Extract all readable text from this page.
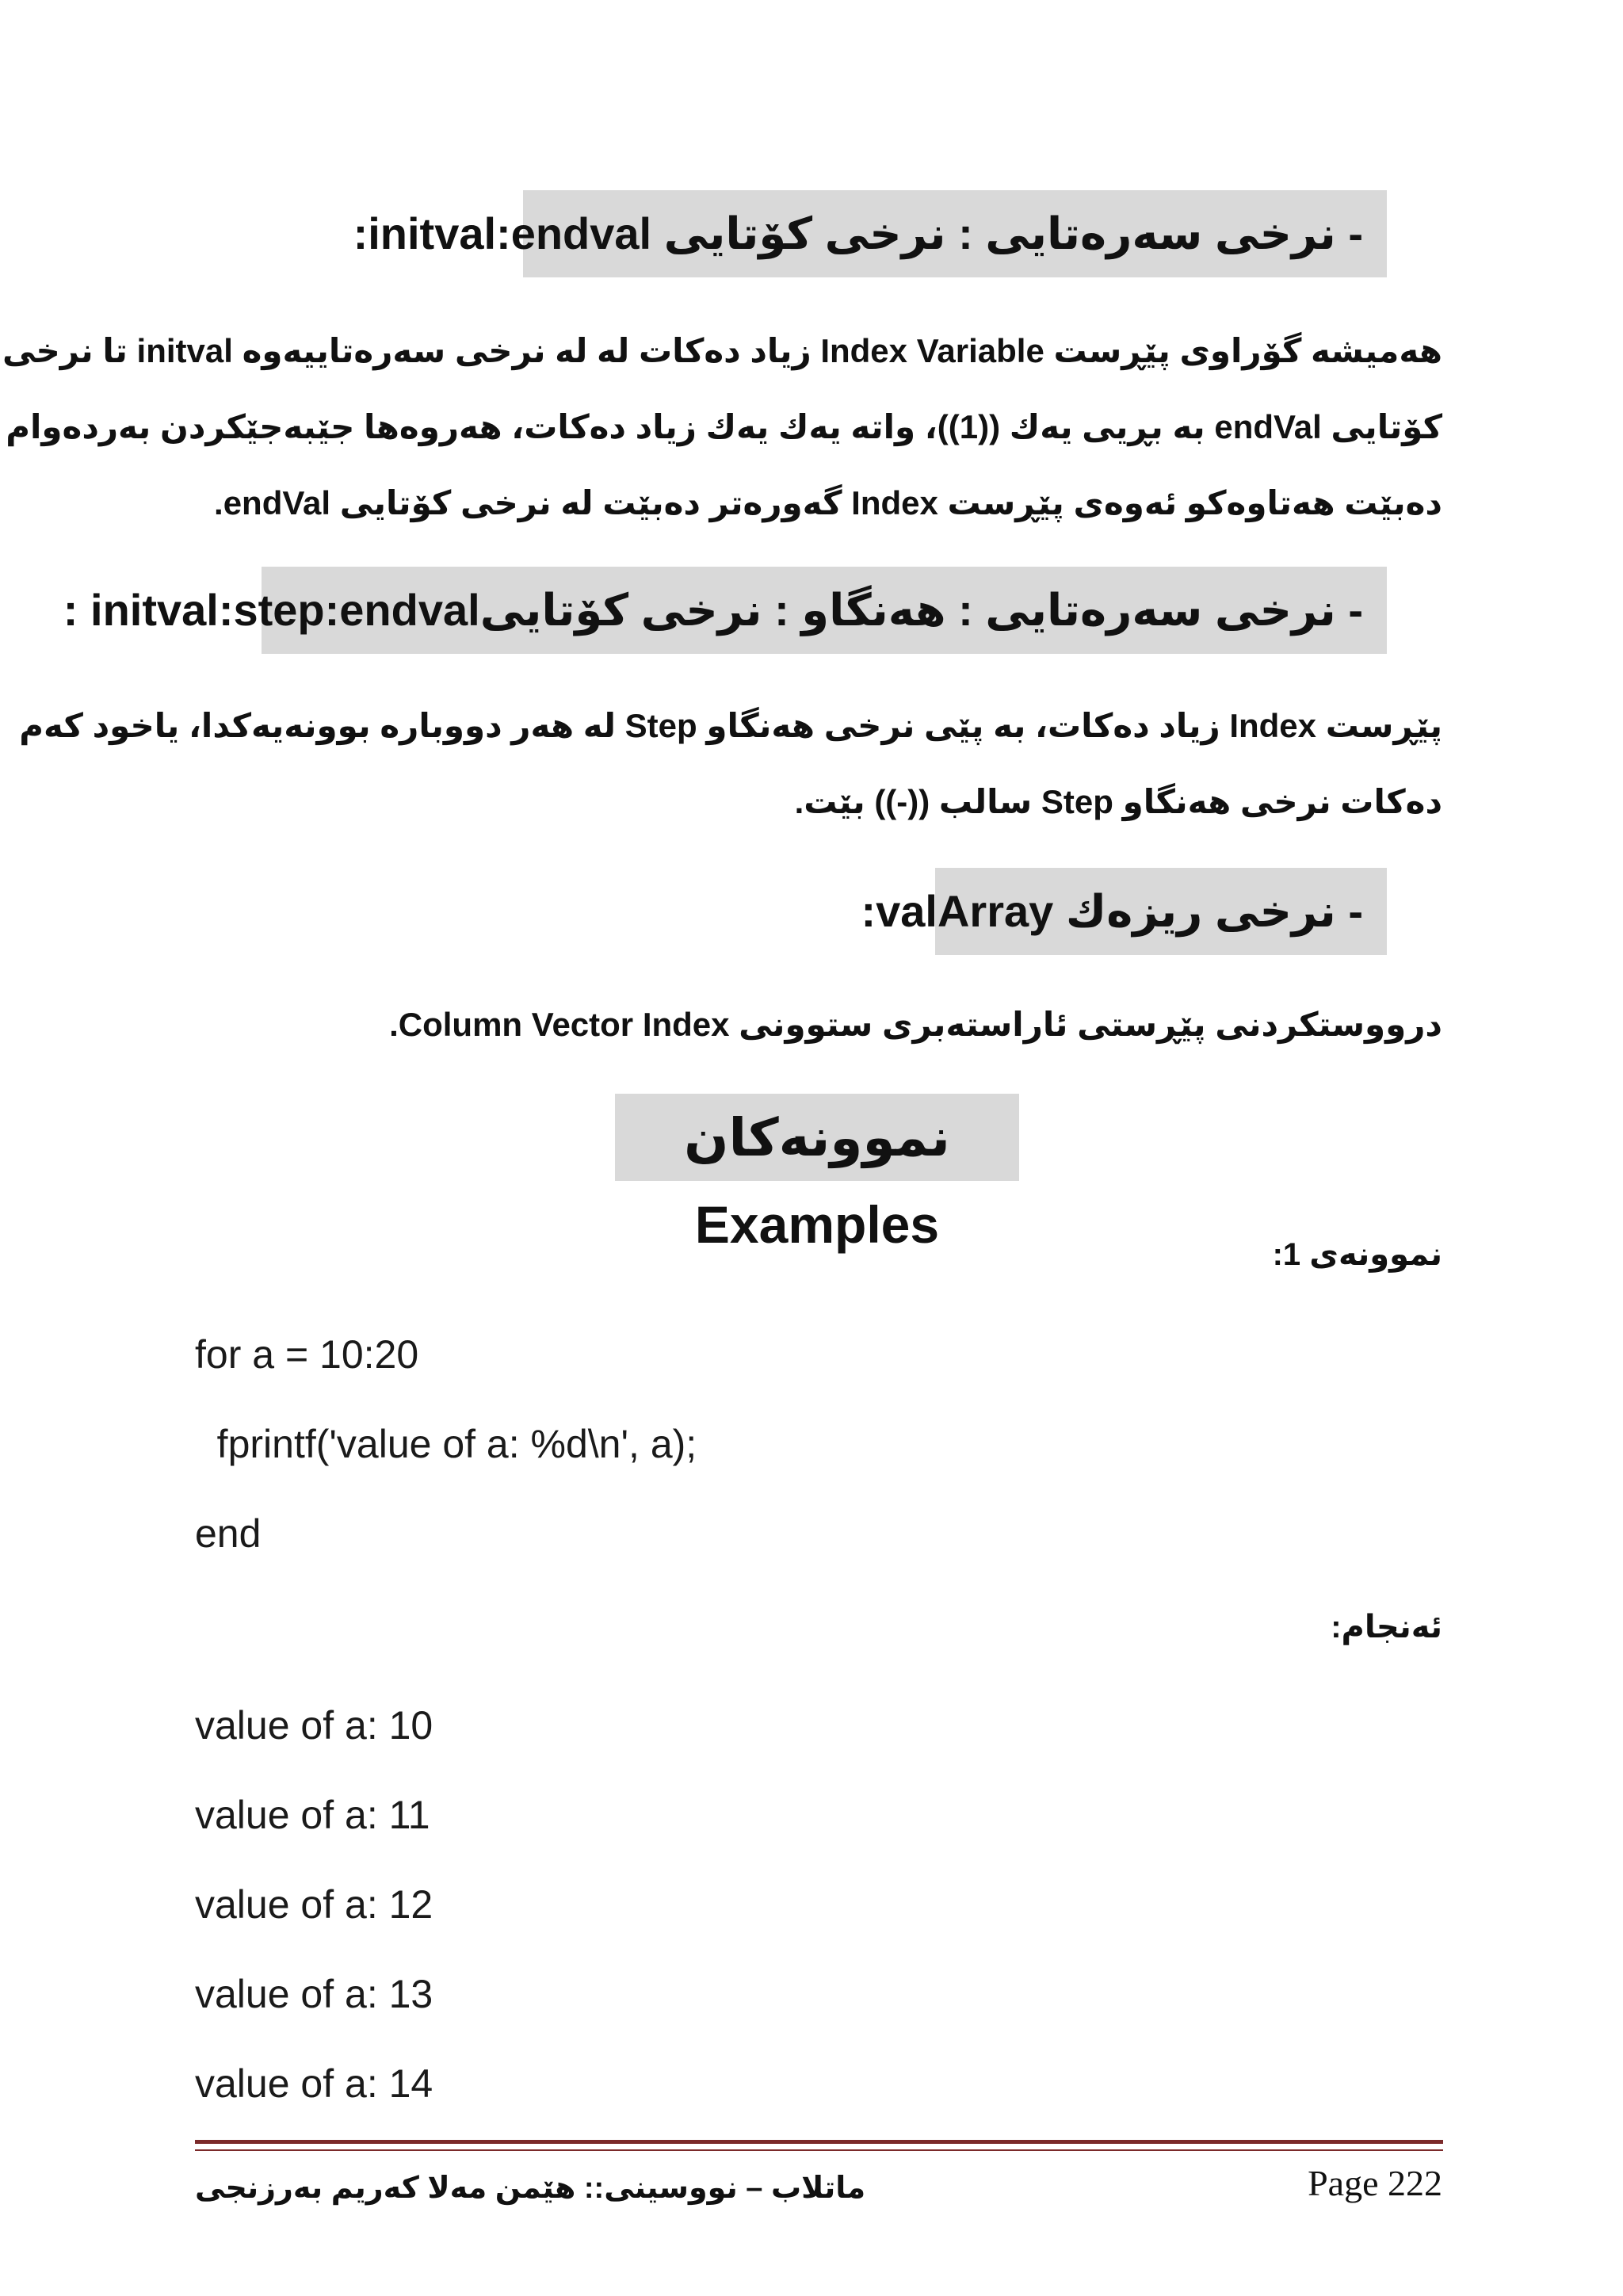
- نرخی سەرەتایی : نرخی کۆتایی initval:endval:
هەمیشە گۆراوی پێڕست Index Variable زیاد دەکات لە لە نرخی سەرەتاییەوە initval تا نرخی
کۆتایی endVal بە بڕیی یەك ((1))، واتە یەك یەك زیاد دەکات، هەروەها جێبەجێکردن بەردەوام
دەبێت هەتاوەکو ئەوەی پێڕست Index گەورەتر دەبێت لە نرخی کۆتایی endVal.
- نرخی سەرەتایی : هەنگاو : نرخی کۆتاییinitval:step:endval :
پێڕست Index زیاد دەکات، بە پێی نرخی هەنگاو Step لە هەر دووبارە بوونەیەکدا، یاخود کەم
دەکات نرخی هەنگاو Step سالب ((-)) بێت.
- نرخی ریزەك valArray:
درووستکردنی پێڕستی ئاراستەبری ستوونی Column Vector Index.
نموونەکان Examples
نموونەی 1:
for a = 10:20
fprintf('value of a: %d\n', a);
end
ئەنجام:
value of a: 10
value of a: 11
value of a: 12
value of a: 13
value of a: 14
ماتلاب – نووسینی:: هێمن مەلا کەریم بەرزنجی	Page 222
